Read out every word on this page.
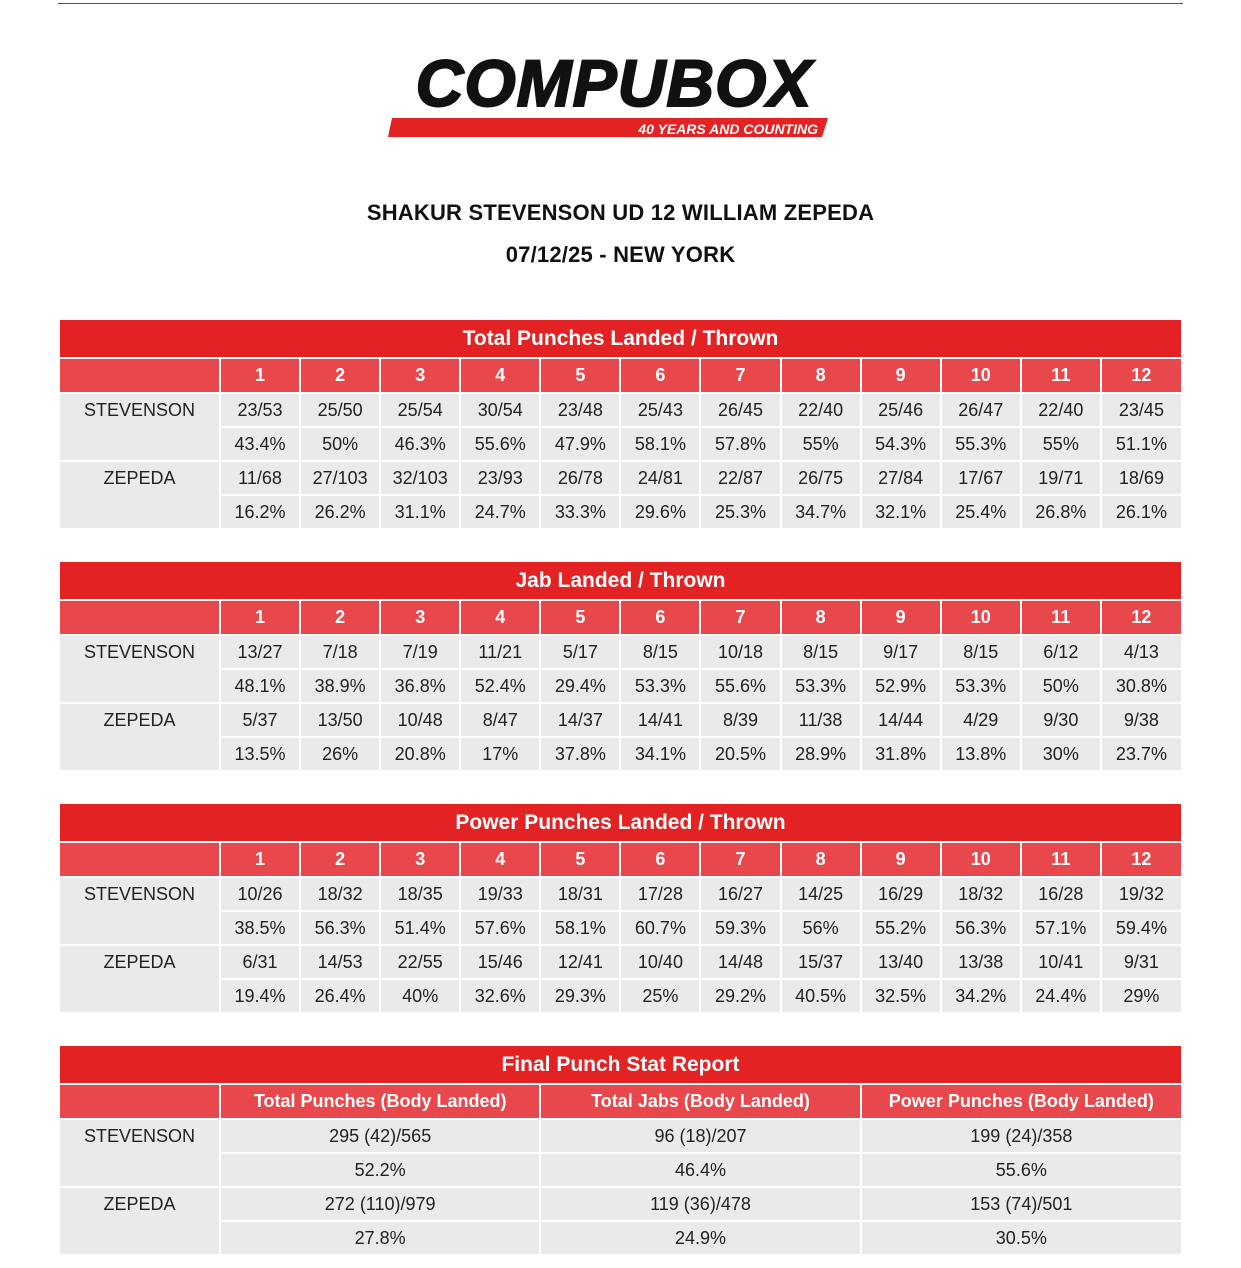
COMPUBOX
40 YEARS AND COUNTING
SHAKUR STEVENSON UD 12 WILLIAM ZEPEDA
07/12/25 - NEW YORK
Total Punches Landed / Thrown												
	1	2	3	4	5	6	7	8	9	10	11	12
STEVENSON	23/53	25/50	25/54	30/54	23/48	25/43	26/45	22/40	25/46	26/47	22/40	23/45
	43.4%	50%	46.3%	55.6%	47.9%	58.1%	57.8%	55%	54.3%	55.3%	55%	51.1%
ZEPEDA	11/68	27/103	32/103	23/93	26/78	24/81	22/87	26/75	27/84	17/67	19/71	18/69
	16.2%	26.2%	31.1%	24.7%	33.3%	29.6%	25.3%	34.7%	32.1%	25.4%	26.8%	26.1%
Jab Landed / Thrown												
	1	2	3	4	5	6	7	8	9	10	11	12
STEVENSON	13/27	7/18	7/19	11/21	5/17	8/15	10/18	8/15	9/17	8/15	6/12	4/13
	48.1%	38.9%	36.8%	52.4%	29.4%	53.3%	55.6%	53.3%	52.9%	53.3%	50%	30.8%
ZEPEDA	5/37	13/50	10/48	8/47	14/37	14/41	8/39	11/38	14/44	4/29	9/30	9/38
	13.5%	26%	20.8%	17%	37.8%	34.1%	20.5%	28.9%	31.8%	13.8%	30%	23.7%
Power Punches Landed / Thrown												
	1	2	3	4	5	6	7	8	9	10	11	12
STEVENSON	10/26	18/32	18/35	19/33	18/31	17/28	16/27	14/25	16/29	18/32	16/28	19/32
	38.5%	56.3%	51.4%	57.6%	58.1%	60.7%	59.3%	56%	55.2%	56.3%	57.1%	59.4%
ZEPEDA	6/31	14/53	22/55	15/46	12/41	10/40	14/48	15/37	13/40	13/38	10/41	9/31
	19.4%	26.4%	40%	32.6%	29.3%	25%	29.2%	40.5%	32.5%	34.2%	24.4%	29%
Final Punch Stat Report			
	Total Punches (Body Landed)	Total Jabs (Body Landed)	Power Punches (Body Landed)
STEVENSON	295 (42)/565	96 (18)/207	199 (24)/358
	52.2%	46.4%	55.6%
ZEPEDA	272 (110)/979	119 (36)/478	153 (74)/501
	27.8%	24.9%	30.5%
